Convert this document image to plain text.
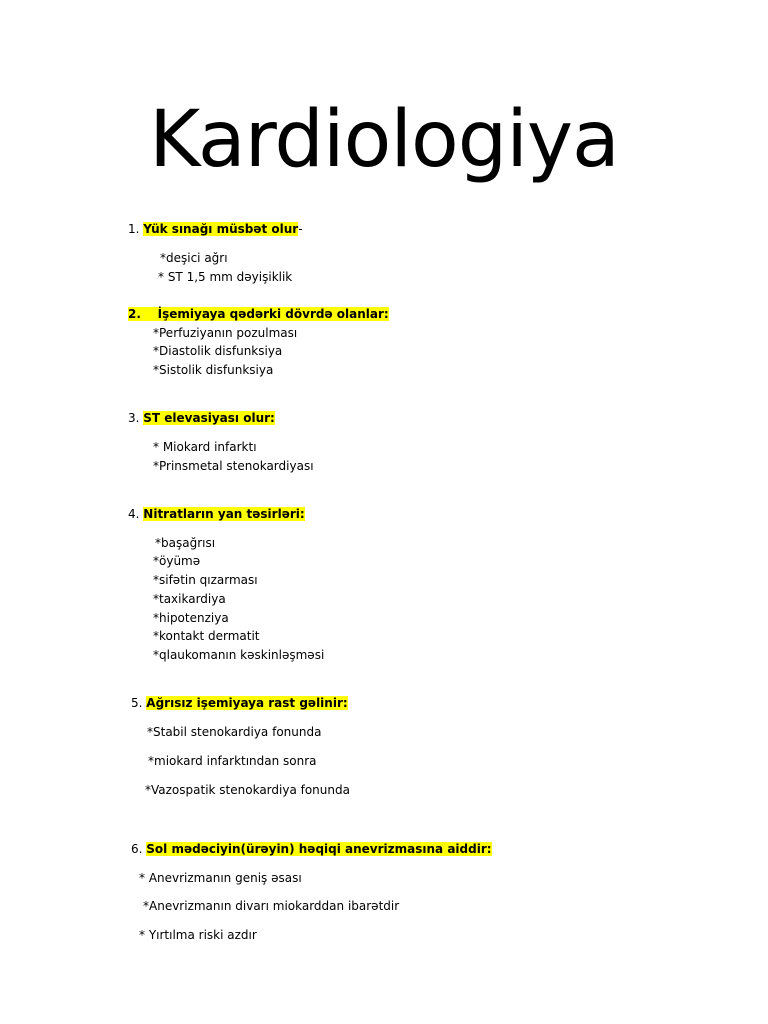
Kardiologiya
1. Yük sınağı müsbət olur-
*deşici ağrı
* ST 1,5 mm dəyişiklik
2. İşemiyaya qədərki dövrdə olanlar:
*Perfuziyanın pozulması
*Diastolik disfunksiya
*Sistolik disfunksiya
3. ST elevasiyası olur:
* Miokard infarktı
*Prinsmetal stenokardiyası
4. Nitratların yan təsirləri:
*başağrısı
*öyümə
*sifətin qızarması
*taxikardiya
*hipotenziya
*kontakt dermatit
*qlaukomanın kəskinləşməsi
5. Ağrısız işemiyaya rast gəlinir:
*Stabil stenokardiya fonunda
*miokard infarktından sonra
*Vazospatik stenokardiya fonunda
6. Sol mədəciyin(ürəyin) həqiqi anevrizmasına aiddir:
* Anevrizmanın geniş əsası
*Anevrizmanın divarı miokarddan ibarətdir
* Yırtılma riski azdır
